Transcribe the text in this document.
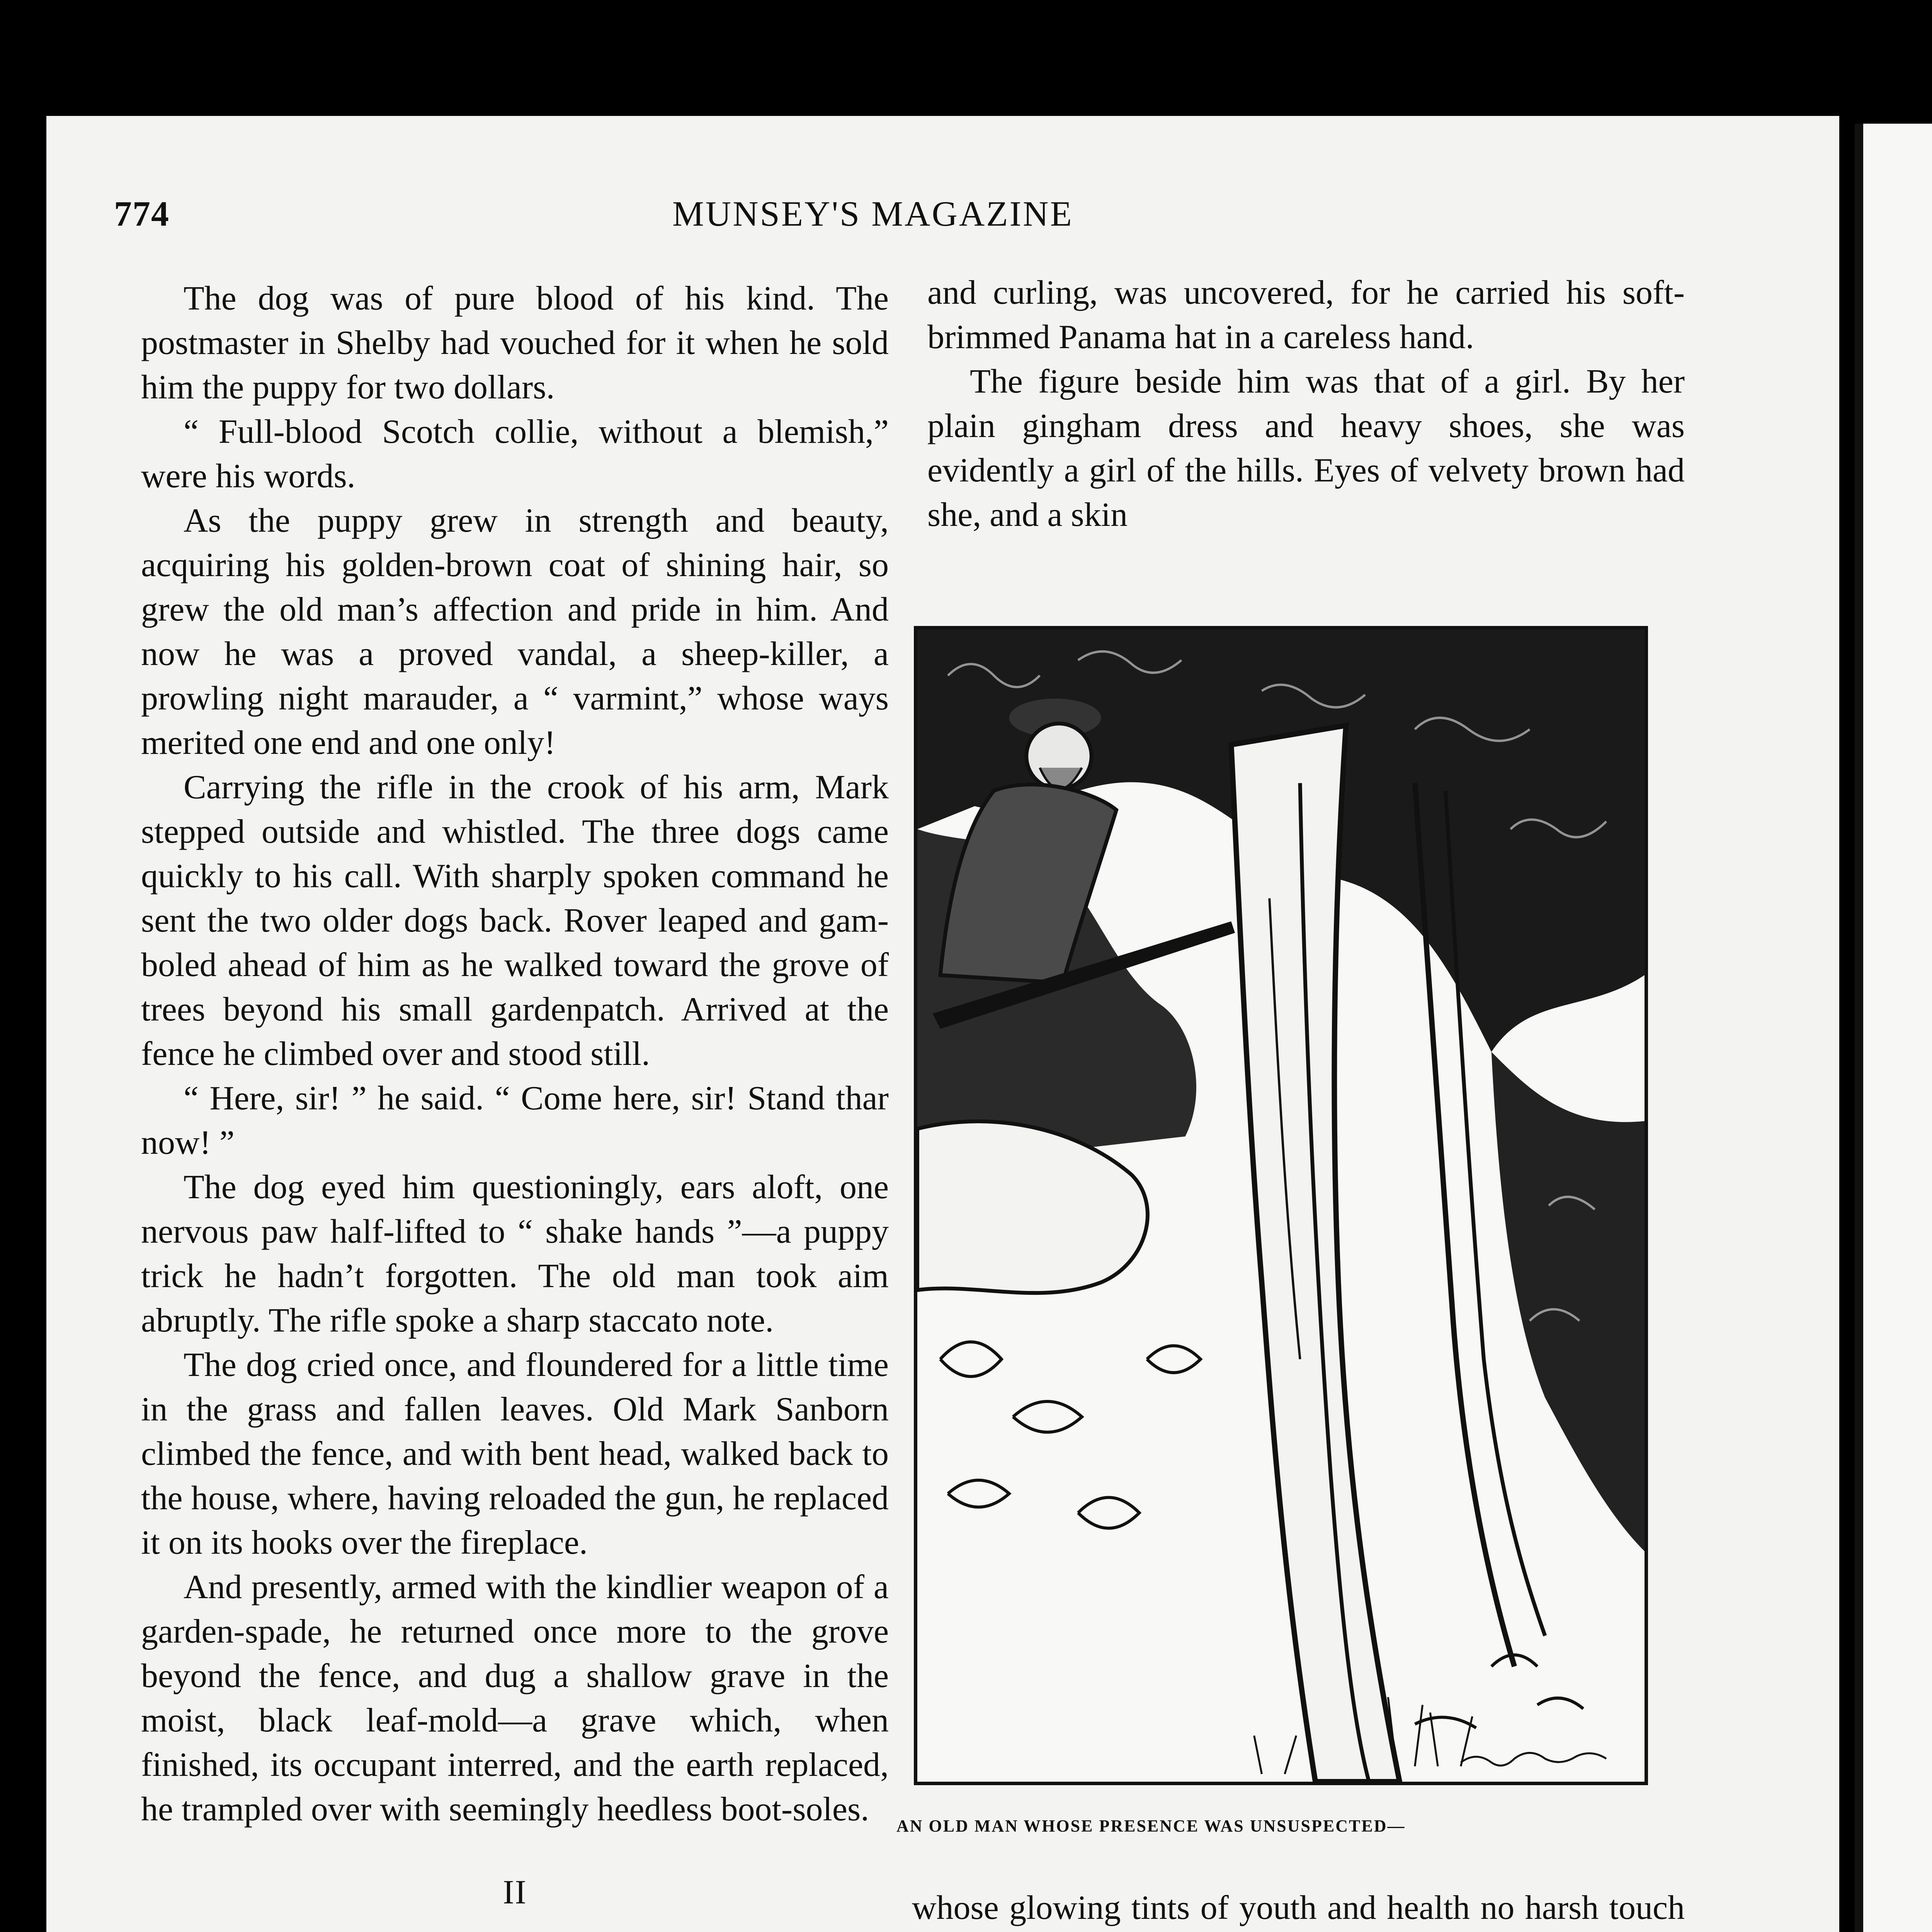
774	MUNSEY'S MAGAZINE

The dog was of pure blood of his kind. The postmaster in Shelby had vouched for it when he sold him the puppy for two dollars.

“ Full-blood Scotch collie, without a blemish,” were his words.

As the puppy grew in strength and beauty, acquiring his golden-brown coat of shining hair, so grew the old man’s affection and pride in him. And now he was a proved vandal, a sheep-killer, a prowling night marauder, a “ varmint,” whose ways merited one end and one only!

Carrying the rifle in the crook of his arm, Mark stepped outside and whistled. The three dogs came quickly to his call. With sharply spoken command he sent the two older dogs back. Rover leaped and gamboled ahead of him as he walked toward the grove of trees beyond his small gardenpatch. Arrived at the fence he climbed over and stood still.

“ Here, sir! ” he said. “ Come here, sir! Stand thar now! ”

The dog eyed him questioningly, ears aloft, one nervous paw half-lifted to “ shake hands ”—a puppy trick he hadn’t forgotten. The old man took aim abruptly. The rifle spoke a sharp staccato note.

The dog cried once, and floundered for a little time in the grass and fallen leaves. Old Mark Sanborn climbed the fence, and with bent head, walked back to the house, where, having reloaded the gun, he replaced it on its hooks over the fireplace.

And presently, armed with the kindlier weapon of a garden-spade, he returned once more to the grove beyond the fence, and dug a shallow grave in the moist, black leaf-mold—a grave which, when finished, its occupant interred, and the earth replaced, he trampled over with seemingly heedless boot-soles.

II

and curling, was uncovered, for he carried his soft-brimmed Panama hat in a careless hand.

The figure beside him was that of a girl. By her plain gingham dress and heavy shoes, she was evidently a girl of the hills. Eyes of velvety brown had she, and a skin

AN OLD MAN WHOSE PRESENCE WAS UNSUSPECTED—

whose glowing tints of youth and health no harsh touch
